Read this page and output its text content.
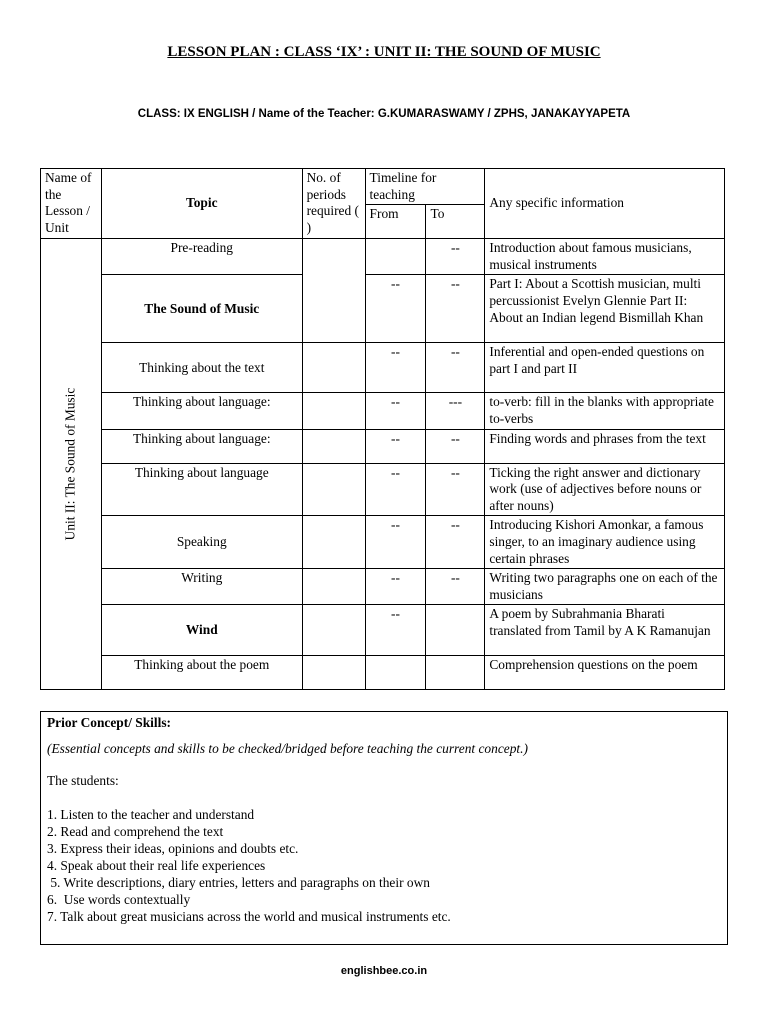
LESSON PLAN : CLASS ‘IX’ : UNIT II: THE SOUND OF MUSIC
CLASS: IX ENGLISH / Name of the Teacher: G.KUMARASWAMY / ZPHS, JANAKAYYAPETA
Name of the Lesson / Unit	Topic	No. of periods required ( )	Timeline for teaching		Any specific information
			From	To	

Unit II: The Sound of Music	Pre-reading			--	Introduction about famous musicians, musical instruments
	The Sound of Music		--	--	Part I: About a Scottish musician, multi percussionist Evelyn Glennie Part II: About an Indian legend Bismillah Khan
	Thinking about the text		--	--	Inferential and open-ended questions on part I and part II
	Thinking about language:		--	---	to-verb: fill in the blanks with appropriate to-verbs
	Thinking about language:		--	--	Finding words and phrases from the text
	Thinking about language		--	--	Ticking the right answer and dictionary work (use of adjectives before nouns or after nouns)
	Speaking		--	--	Introducing Kishori Amonkar, a famous singer, to an imaginary audience using certain phrases
	Writing		--	--	Writing two paragraphs one on each of the musicians
	Wind		--		A poem by Subrahmania Bharati translated from Tamil by A K Ramanujan
	Thinking about the poem				Comprehension questions on the poem

Prior Concept/ Skills:

(Essential concepts and skills to be checked/bridged before teaching the current concept.)

The students:

1. Listen to the teacher and understand

2. Read and comprehend the text

3. Express their ideas, opinions and doubts etc.

4. Speak about their real life experiences

5. Write descriptions, diary entries, letters and paragraphs on their own

6.  Use words contextually

7. Talk about great musicians across the world and musical instruments etc.

englishbee.co.in
